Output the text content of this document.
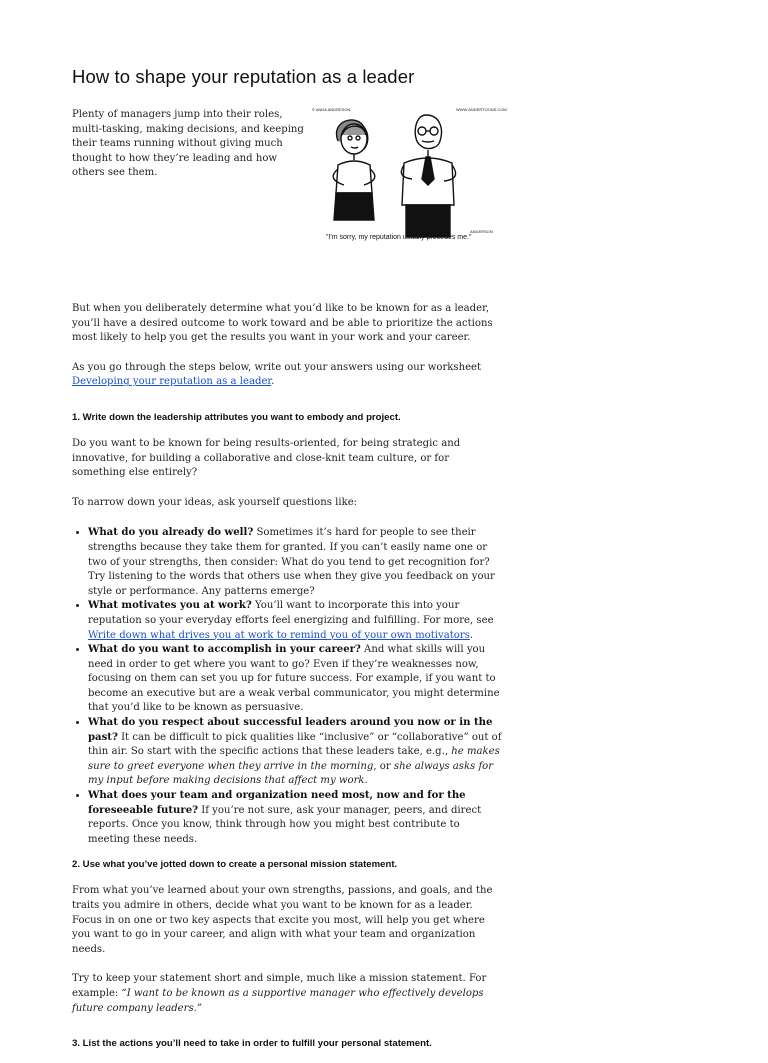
How to shape your reputation as a leader

Plenty of managers jump into their roles, multi-tasking, making decisions, and keeping their teams running without giving much thought to how they’re leading and how others see them.

© ANDA ANDRESON	WWW.ANDERTOONS.COM
ANDERSON
"I'm sorry, my reputation usually precedes me."

But when you deliberately determine what you’d like to be known for as a leader, you’ll have a desired outcome to work toward and be able to prioritize the actions most likely to help you get the results you want in your work and your career.

As you go through the steps below, write out your answers using our worksheet Developing your reputation as a leader.

1. Write down the leadership attributes you want to embody and project.

Do you want to be known for being results-oriented, for being strategic and innovative, for building a collaborative and close-knit team culture, or for something else entirely?

To narrow down your ideas, ask yourself questions like:

• What do you already do well? Sometimes it’s hard for people to see their strengths because they take them for granted. If you can’t easily name one or two of your strengths, then consider: What do you tend to get recognition for? Try listening to the words that others use when they give you feedback on your style or performance. Any patterns emerge?
• What motivates you at work? You’ll want to incorporate this into your reputation so your everyday efforts feel energizing and fulfilling. For more, see Write down what drives you at work to remind you of your own motivators.
• What do you want to accomplish in your career? And what skills will you need in order to get where you want to go? Even if they’re weaknesses now, focusing on them can set you up for future success. For example, if you want to become an executive but are a weak verbal communicator, you might determine that you’d like to be known as persuasive.
• What do you respect about successful leaders around you now or in the past? It can be difficult to pick qualities like “inclusive” or “collaborative” out of thin air. So start with the specific actions that these leaders take, e.g., he makes sure to greet everyone when they arrive in the morning, or she always asks for my input before making decisions that affect my work.
• What does your team and organization need most, now and for the foreseeable future? If you’re not sure, ask your manager, peers, and direct reports. Once you know, think through how you might best contribute to meeting these needs.
2. Use what you’ve jotted down to create a personal mission statement.

From what you’ve learned about your own strengths, passions, and goals, and the traits you admire in others, decide what you want to be known for as a leader. Focus in on one or two key aspects that excite you most, will help you get where you want to go in your career, and align with what your team and organization needs.

Try to keep your statement short and simple, much like a mission statement. For example: “I want to be known as a supportive manager who effectively develops future company leaders.”

3. List the actions you’ll need to take in order to fulfill your personal statement.
